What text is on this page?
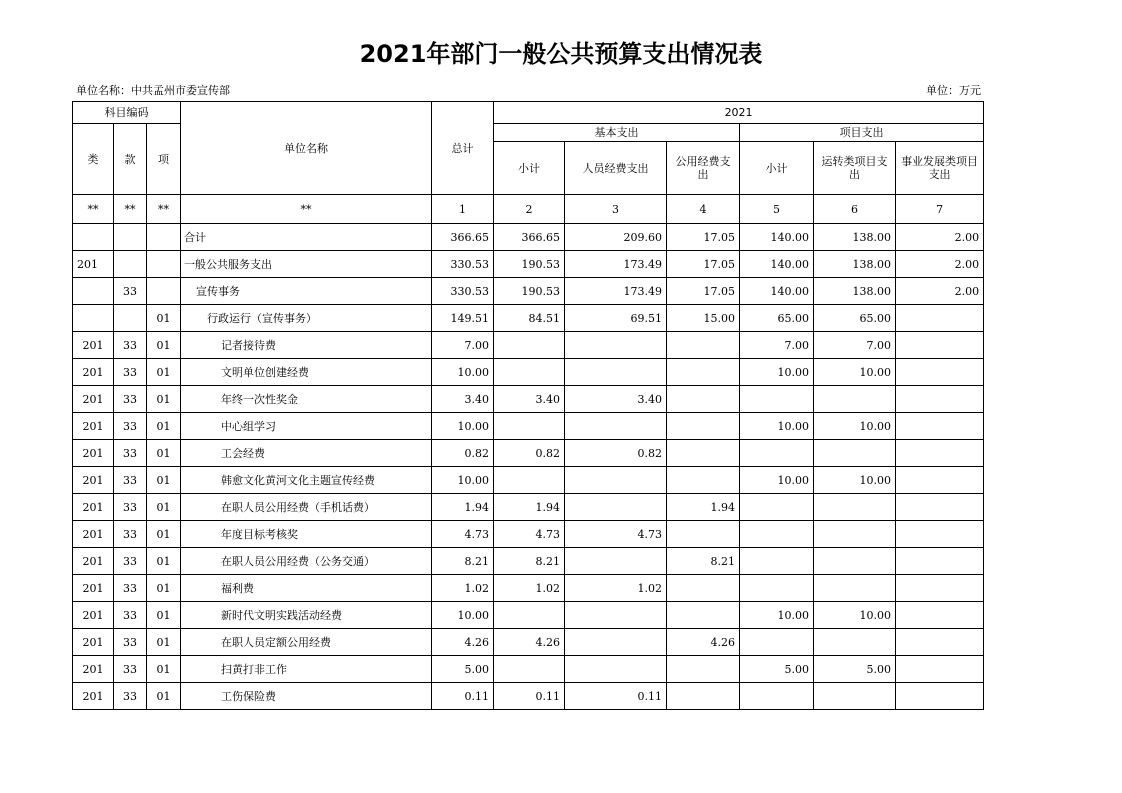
2021年部门一般公共预算支出情况表
单位名称：中共孟州市委宣传部	单位：万元
科目编码			单位名称	总计	2021					
类	款	项			基本支出			项目支出		
					小计	人员经费支出	公用经费支出	小计	运转类项目支出	事业发展类项目支出
**	**	**	**	1	2	3	4	5	6	7
			合计	366.65	366.65	209.60	17.05	140.00	138.00	2.00
201			一般公共服务支出	330.53	190.53	173.49	17.05	140.00	138.00	2.00
	33		宣传事务	330.53	190.53	173.49	17.05	140.00	138.00	2.00
		01	行政运行（宣传事务）	149.51	84.51	69.51	15.00	65.00	65.00	
201	33	01	记者接待费	7.00				7.00	7.00	
201	33	01	文明单位创建经费	10.00				10.00	10.00	
201	33	01	年终一次性奖金	3.40	3.40	3.40				
201	33	01	中心组学习	10.00				10.00	10.00	
201	33	01	工会经费	0.82	0.82	0.82				
201	33	01	韩愈文化黄河文化主题宣传经费	10.00				10.00	10.00	
201	33	01	在职人员公用经费（手机话费）	1.94	1.94		1.94			
201	33	01	年度目标考核奖	4.73	4.73	4.73				
201	33	01	在职人员公用经费（公务交通）	8.21	8.21		8.21			
201	33	01	福利费	1.02	1.02	1.02				
201	33	01	新时代文明实践活动经费	10.00				10.00	10.00	
201	33	01	在职人员定额公用经费	4.26	4.26		4.26			
201	33	01	扫黄打非工作	5.00				5.00	5.00	
201	33	01	工伤保险费	0.11	0.11	0.11				
